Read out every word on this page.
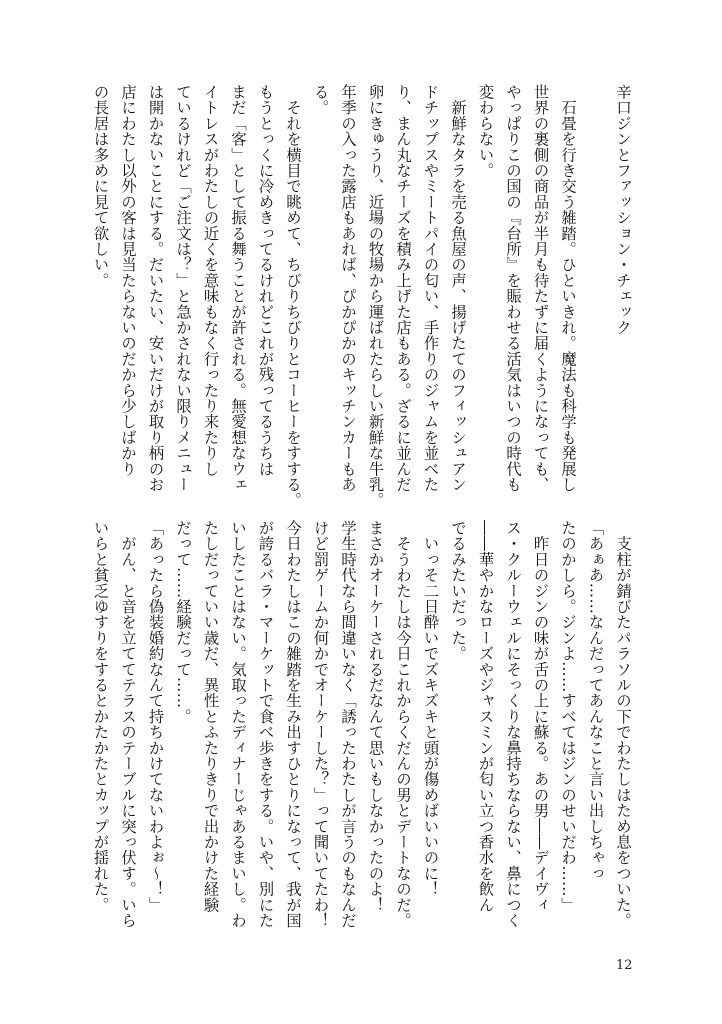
辛口ジンとファッション・チェック

　石畳を行き交う雑踏。ひといきれ。魔法も科学も発展し
世界の裏側の商品が半月も待たずに届くようになっても、
やっぱりこの国の『台所』を賑わせる活気はいつの時代も
変わらない。
　新鮮なタラを売る魚屋の声、揚げたてのフィッシュアン
ドチップスやミートパイの匂い、手作りのジャムを並べた
り、まん丸なチーズを積み上げた店もある。ざるに並んだ
卵にきゅうり、近場の牧場から運ばれたらしい新鮮な牛乳。
年季の入った露店もあれば、ぴかぴかのキッチンカーもあ
る。
　それを横目で眺めて、ちびりちびりとコーヒーをすする。
もうとっくに冷めきってるけれどこれが残ってるうちは
まだ「客」として振る舞うことが許される。無愛想なウェ
イトレスがわたしの近くを意味もなく行ったり来たりし
ているけれど「ご注文は？」と急かされない限りメニュー
は開かないことにする。だいたい、安いだけが取り柄のお
店にわたし以外の客は見当たらないのだから少しばかり
の長居は多めに見て欲しい。
　支柱が錆びたパラソルの下でわたしはため息をついた。
「あぁあ……なんだってあんなこと言い出しちゃっ
たのかしら。ジンよ……すべてはジンのせいだわ……」
　昨日のジンの味が舌の上に蘇る。あの男――デイヴィ
ス・クルーウェルにそっくりな鼻持ちならない、鼻につく
――華やかなローズやジャスミンが匂い立つ香水を飲ん
でるみたいだった。
　いっそ二日酔いでズキズキと頭が傷めばいいのに！
　そうわたしは今日これからくだんの男とデートなのだ。
まさかオーケーされるだなんて思いもしなかったのよ！
学生時代なら間違いなく「誘ったわたしが言うのもなんだ
けど罰ゲームか何かでオーケーした？」って聞いてたわ！
今日わたしはこの雑踏を生み出すひとりになって、我が国
が誇るバラ・マーケットで食べ歩きをする。いや、別にた
いしたことはない。気取ったディナーじゃあるまいし。わ
たしだっていい歳だ、異性とふたりきりで出かけた経験
だって……経験だって……。
「あったら偽装婚約なんて持ちかけてないわよぉ～！」
　がん、と音を立ててテラスのテーブルに突っ伏す。いら
いらと貧乏ゆすりをするとかたかたとカップが揺れた。
12
